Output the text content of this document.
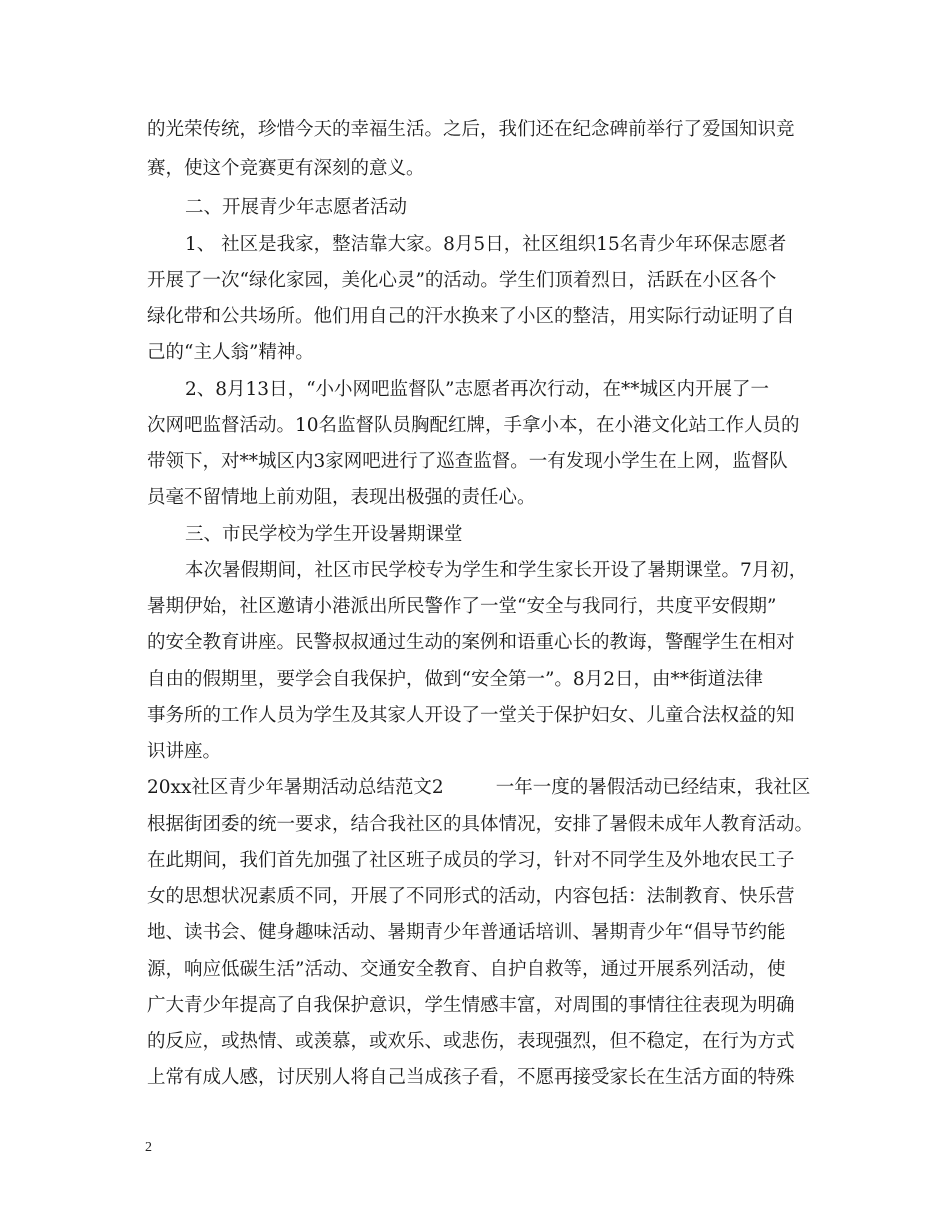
的光荣传统，珍惜今天的幸福生活。之后，我们还在纪念碑前举行了爱国知识竞
赛，使这个竞赛更有深刻的意义。
二、开展青少年志愿者活动
1、 社区是我家，整洁靠大家。8月5日，社区组织15名青少年环保志愿者
开展了一次“绿化家园，美化心灵”的活动。学生们顶着烈日，活跃在小区各个
绿化带和公共场所。他们用自己的汗水换来了小区的整洁，用实际行动证明了自
己的“主人翁”精神。
2、8月13日，“小小网吧监督队”志愿者再次行动，在**城区内开展了一
次网吧监督活动。10名监督队员胸配红牌，手拿小本，在小港文化站工作人员的
带领下，对**城区内3家网吧进行了巡查监督。一有发现小学生在上网，监督队
员毫不留情地上前劝阻，表现出极强的责任心。
三、市民学校为学生开设暑期课堂
本次暑假期间，社区市民学校专为学生和学生家长开设了暑期课堂。7月初，
暑期伊始，社区邀请小港派出所民警作了一堂“安全与我同行，共度平安假期”
的安全教育讲座。民警叔叔通过生动的案例和语重心长的教诲，警醒学生在相对
自由的假期里，要学会自我保护，做到“安全第一”。8月2日，由**街道法律
事务所的工作人员为学生及其家人开设了一堂关于保护妇女、儿童合法权益的知
识讲座。
20xx社区青少年暑期活动总结范文2	一年一度的暑假活动已经结束，我社区
根据街团委的统一要求，结合我社区的具体情况，安排了暑假未成年人教育活动。
在此期间，我们首先加强了社区班子成员的学习，针对不同学生及外地农民工子
女的思想状况素质不同，开展了不同形式的活动，内容包括：法制教育、快乐营
地、读书会、健身趣味活动、暑期青少年普通话培训、暑期青少年“倡导节约能
源，响应低碳生活”活动、交通安全教育、自护自救等，通过开展系列活动，使
广大青少年提高了自我保护意识，学生情感丰富，对周围的事情往往表现为明确
的反应，或热情、或羡慕，或欢乐、或悲伤，表现强烈，但不稳定，在行为方式
上常有成人感，讨厌别人将自己当成孩子看，不愿再接受家长在生活方面的特殊
2
